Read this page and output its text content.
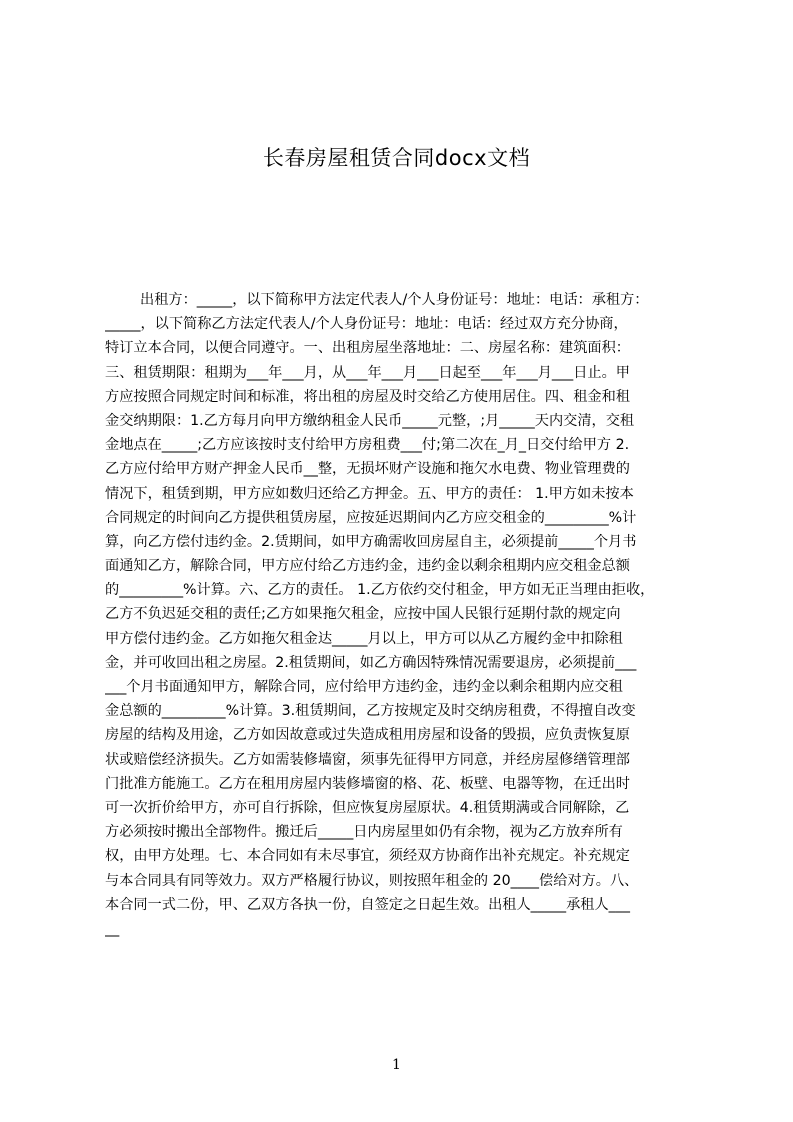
长春房屋租赁合同docx文档
出租方：_____，以下简称甲方法定代表人/个人身份证号：地址：电话：承租方：
_____，以下简称乙方法定代表人/个人身份证号：地址：电话：经过双方充分协商，
特订立本合同，以便合同遵守。一、出租房屋坐落地址：二、房屋名称：建筑面积：
三、租赁期限：租期为___年___月，从___年___月___日起至___年___月___日止。甲
方应按照合同规定时间和标准，将出租的房屋及时交给乙方使用居住。四、租金和租
金交纳期限：1.乙方每月向甲方缴纳租金人民币_____元整，;月_____天内交清，交租
金地点在_____;乙方应该按时支付给甲方房租费___付;第二次在_月_日交付给甲方 2.
乙方应付给甲方财产押金人民币__整，无损坏财产设施和拖欠水电费、物业管理费的
情况下，租赁到期，甲方应如数归还给乙方押金。五、甲方的责任： 1.甲方如未按本
合同规定的时间向乙方提供租赁房屋，应按延迟期间内乙方应交租金的_________%计
算，向乙方偿付违约金。2.赁期间，如甲方确需收回房屋自主，必须提前_____个月书
面通知乙方，解除合同，甲方应付给乙方违约金，违约金以剩余租期内应交租金总额
的_________%计算。六、乙方的责任。 1.乙方依约交付租金，甲方如无正当理由拒收，
乙方不负迟延交租的责任;乙方如果拖欠租金，应按中国人民银行延期付款的规定向
甲方偿付违约金。乙方如拖欠租金达_____月以上，甲方可以从乙方履约金中扣除租
金，并可收回出租之房屋。2.租赁期间，如乙方确因特殊情况需要退房，必须提前___
___个月书面通知甲方，解除合同，应付给甲方违约金，违约金以剩余租期内应交租
金总额的_________%计算。3.租赁期间，乙方按规定及时交纳房租费，不得擅自改变
房屋的结构及用途，乙方如因故意或过失造成租用房屋和设备的毁损，应负责恢复原
状或赔偿经济损失。乙方如需装修墙窗，须事先征得甲方同意，并经房屋修缮管理部
门批准方能施工。乙方在租用房屋内装修墙窗的格、花、板壁、电器等物，在迁出时
可一次折价给甲方，亦可自行拆除，但应恢复房屋原状。4.租赁期满或合同解除，乙
方必须按时搬出全部物件。搬迁后_____日内房屋里如仍有余物，视为乙方放弃所有
权，由甲方处理。七、本合同如有未尽事宜，须经双方协商作出补充规定。补充规定
与本合同具有同等效力。双方严格履行协议，则按照年租金的 20____偿给对方。八、
本合同一式二份，甲、乙双方各执一份，自签定之日起生效。出租人_____承租人___
__
1
